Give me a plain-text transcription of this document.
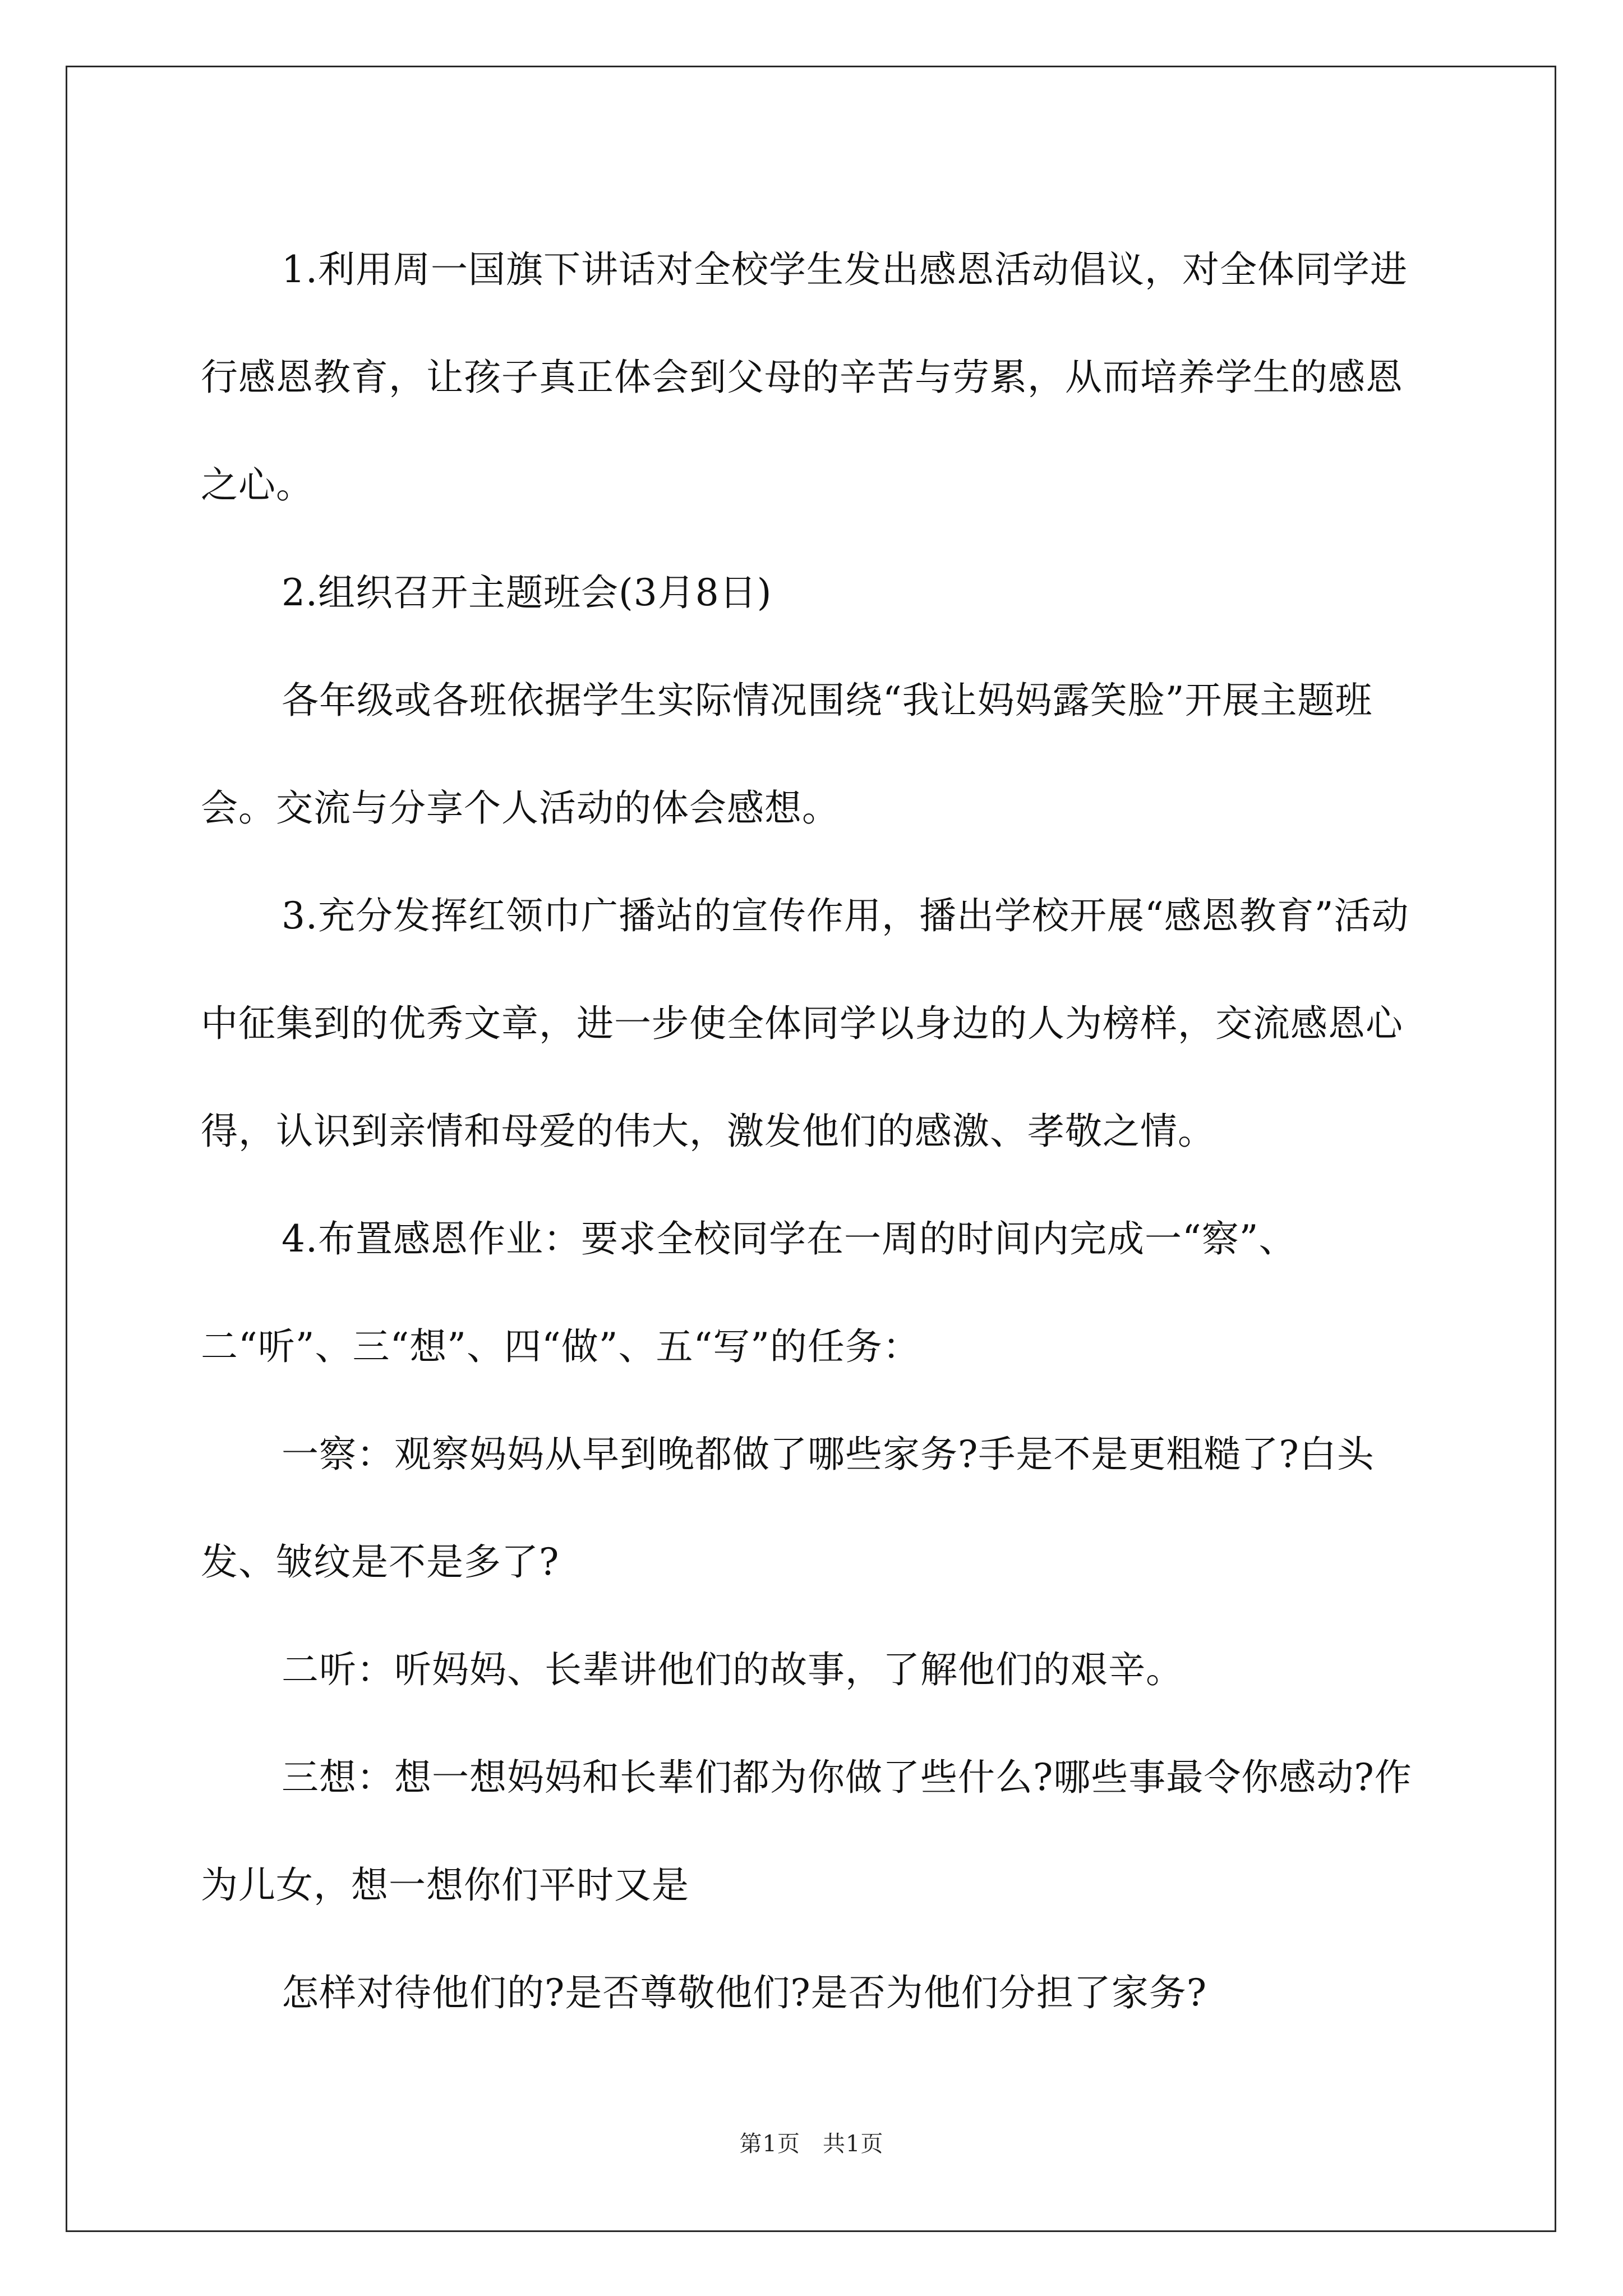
1.利用周一国旗下讲话对全校学生发出感恩活动倡议，对全体同学进行感恩教育，让孩子真正体会到父母的辛苦与劳累，从而培养学生的感恩之心。

2.组织召开主题班会(3月8日)

各年级或各班依据学生实际情况围绕“我让妈妈露笑脸”开展主题班会。交流与分享个人活动的体会感想。

3.充分发挥红领巾广播站的宣传作用，播出学校开展“感恩教育”活动中征集到的优秀文章，进一步使全体同学以身边的人为榜样，交流感恩心得，认识到亲情和母爱的伟大，激发他们的感激、孝敬之情。

4.布置感恩作业：要求全校同学在一周的时间内完成一“察”、二“听”、三“想”、四“做”、五“写”的任务：

一察：观察妈妈从早到晚都做了哪些家务?手是不是更粗糙了?白头发、皱纹是不是多了?

二听：听妈妈、长辈讲他们的故事，了解他们的艰辛。

三想：想一想妈妈和长辈们都为你做了些什么?哪些事最令你感动?作为儿女，想一想你们平时又是

怎样对待他们的?是否尊敬他们?是否为他们分担了家务?

第1页 共1页
